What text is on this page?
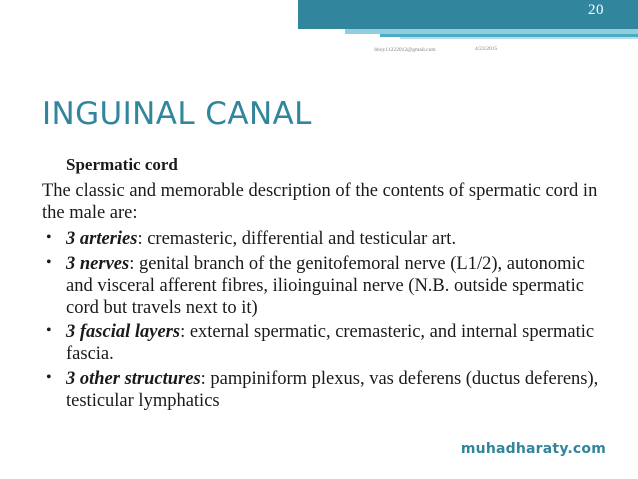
20
bboy11222012@gmail.com	4/23/2015
INGUINAL CANAL
Spermatic cord
The classic and memorable description of the contents of spermatic cord in the male are:
• 3 arteries: cremasteric, differential and testicular art.
• 3 nerves: genital branch of the genitofemoral nerve (L1/2), autonomic and visceral afferent fibres, ilioinguinal nerve (N.B. outside spermatic cord but travels next to it)
• 3 fascial layers: external spermatic, cremasteric, and internal spermatic fascia.
• 3 other structures: pampiniform plexus, vas deferens (ductus deferens), testicular lymphatics
muhadharaty.com
